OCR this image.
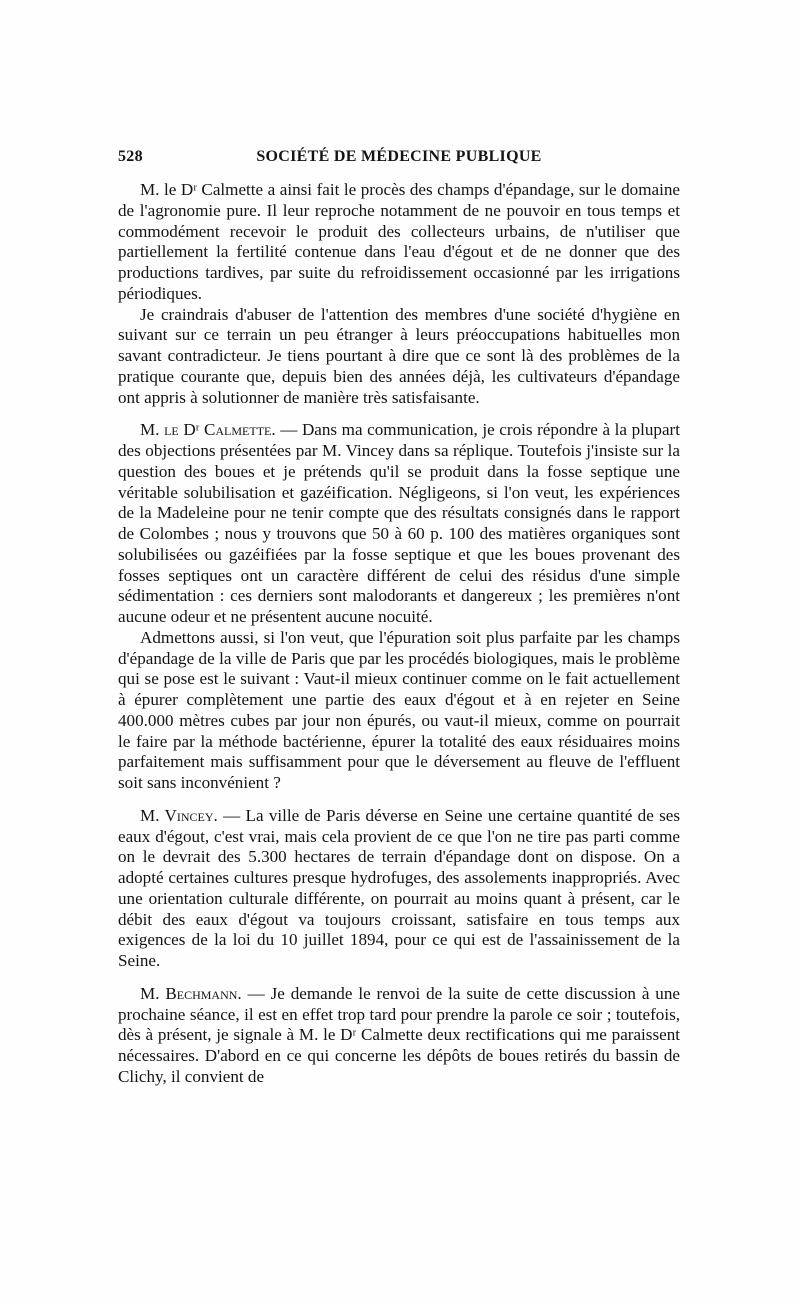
528	SOCIÉTÉ DE MÉDECINE PUBLIQUE

M. le Dʳ Calmette a ainsi fait le procès des champs d'épandage, sur le domaine de l'agronomie pure. Il leur reproche notamment de ne pouvoir en tous temps et commodément recevoir le produit des collecteurs urbains, de n'utiliser que partiellement la fertilité contenue dans l'eau d'égout et de ne donner que des productions tardives, par suite du refroidissement occasionné par les irrigations périodiques.

Je craindrais d'abuser de l'attention des membres d'une société d'hygiène en suivant sur ce terrain un peu étranger à leurs préoccupations habituelles mon savant contradicteur. Je tiens pourtant à dire que ce sont là des problèmes de la pratique courante que, depuis bien des années déjà, les cultivateurs d'épandage ont appris à solutionner de manière très satisfaisante.

M. le Dʳ Calmette. — Dans ma communication, je crois répondre à la plupart des objections présentées par M. Vincey dans sa réplique. Toutefois j'insiste sur la question des boues et je prétends qu'il se produit dans la fosse septique une véritable solubilisation et gazéification. Négligeons, si l'on veut, les expériences de la Madeleine pour ne tenir compte que des résultats consignés dans le rapport de Colombes ; nous y trouvons que 50 à 60 p. 100 des matières organiques sont solubilisées ou gazéifiées par la fosse septique et que les boues provenant des fosses septiques ont un caractère différent de celui des résidus d'une simple sédimentation : ces derniers sont malodorants et dangereux ; les premières n'ont aucune odeur et ne présentent aucune nocuité.

Admettons aussi, si l'on veut, que l'épuration soit plus parfaite par les champs d'épandage de la ville de Paris que par les procédés biologiques, mais le problème qui se pose est le suivant : Vaut-il mieux continuer comme on le fait actuellement à épurer complètement une partie des eaux d'égout et à en rejeter en Seine 400.000 mètres cubes par jour non épurés, ou vaut-il mieux, comme on pourrait le faire par la méthode bactérienne, épurer la totalité des eaux résiduaires moins parfaitement mais suffisamment pour que le déversement au fleuve de l'effluent soit sans inconvénient ?

M. Vincey. — La ville de Paris déverse en Seine une certaine quantité de ses eaux d'égout, c'est vrai, mais cela provient de ce que l'on ne tire pas parti comme on le devrait des 5.300 hectares de terrain d'épandage dont on dispose. On a adopté certaines cultures presque hydrofuges, des assolements inappropriés. Avec une orientation culturale différente, on pourrait au moins quant à présent, car le débit des eaux d'égout va toujours croissant, satisfaire en tous temps aux exigences de la loi du 10 juillet 1894, pour ce qui est de l'assainissement de la Seine.

M. Bechmann. — Je demande le renvoi de la suite de cette discussion à une prochaine séance, il est en effet trop tard pour prendre la parole ce soir ; toutefois, dès à présent, je signale à M. le Dʳ Calmette deux rectifications qui me paraissent nécessaires. D'abord en ce qui concerne les dépôts de boues retirés du bassin de Clichy, il convient de
